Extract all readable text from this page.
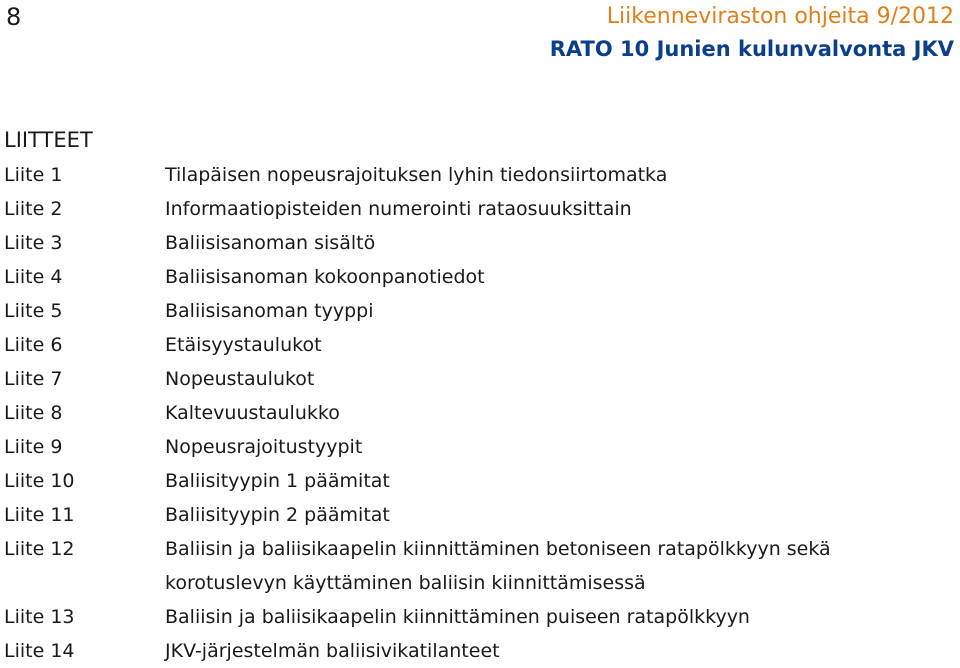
8	Liikenneviraston ohjeita 9/2012
RATO 10 Junien kulunvalvonta JKV
LIITTEET
Liite 1	Tilapäisen nopeusrajoituksen lyhin tiedonsiirtomatka
Liite 2	Informaatiopisteiden numerointi rataosuuksittain
Liite 3	Baliisisanoman sisältö
Liite 4	Baliisisanoman kokoonpanotiedot
Liite 5	Baliisisanoman tyyppi
Liite 6	Etäisyystaulukot
Liite 7	Nopeustaulukot
Liite 8	Kaltevuustaulukko
Liite 9	Nopeusrajoitustyypit
Liite 10	Baliisityypin 1 päämitat
Liite 11	Baliisityypin 2 päämitat
Liite 12	Baliisin ja baliisikaapelin kiinnittäminen betoniseen ratapölkkyyn sekä korotuslevyn käyttäminen baliisin kiinnittämisessä
Liite 13	Baliisin ja baliisikaapelin kiinnittäminen puiseen ratapölkkyyn
Liite 14	JKV-järjestelmän baliisivikatilanteet
